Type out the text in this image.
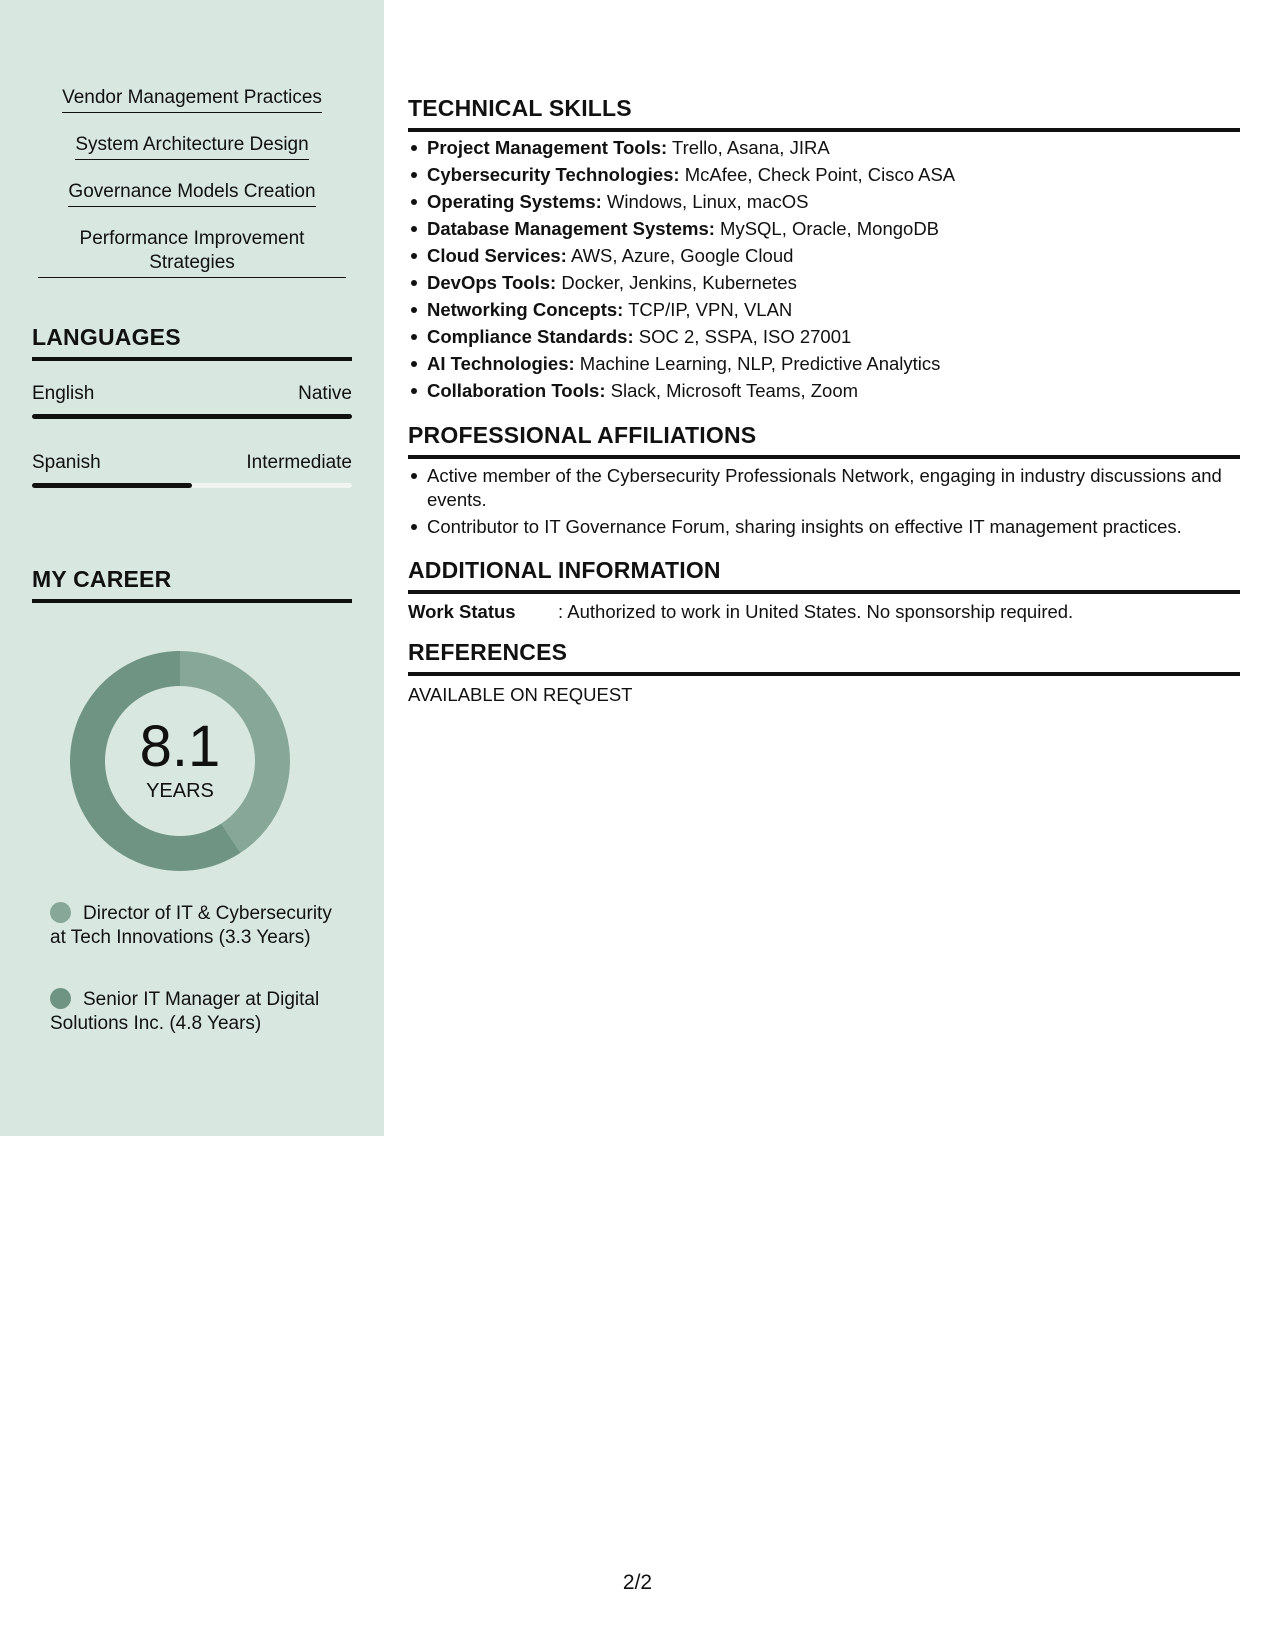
Vendor Management Practices
System Architecture Design
Governance Models Creation
Performance Improvement Strategies
LANGUAGES
English	Native
Spanish	Intermediate
MY CAREER
8.1
YEARS
Director of IT & Cybersecurity at Tech Innovations (3.3 Years)
Senior IT Manager at Digital Solutions Inc. (4.8 Years)
TECHNICAL SKILLS
Project Management Tools: Trello, Asana, JIRA
Cybersecurity Technologies: McAfee, Check Point, Cisco ASA
Operating Systems: Windows, Linux, macOS
Database Management Systems: MySQL, Oracle, MongoDB
Cloud Services: AWS, Azure, Google Cloud
DevOps Tools: Docker, Jenkins, Kubernetes
Networking Concepts: TCP/IP, VPN, VLAN
Compliance Standards: SOC 2, SSPA, ISO 27001
AI Technologies: Machine Learning, NLP, Predictive Analytics
Collaboration Tools: Slack, Microsoft Teams, Zoom
PROFESSIONAL AFFILIATIONS
Active member of the Cybersecurity Professionals Network, engaging in industry discussions and events.
Contributor to IT Governance Forum, sharing insights on effective IT management practices.
ADDITIONAL INFORMATION
Work Status : Authorized to work in United States. No sponsorship required.
REFERENCES
AVAILABLE ON REQUEST
2/2
